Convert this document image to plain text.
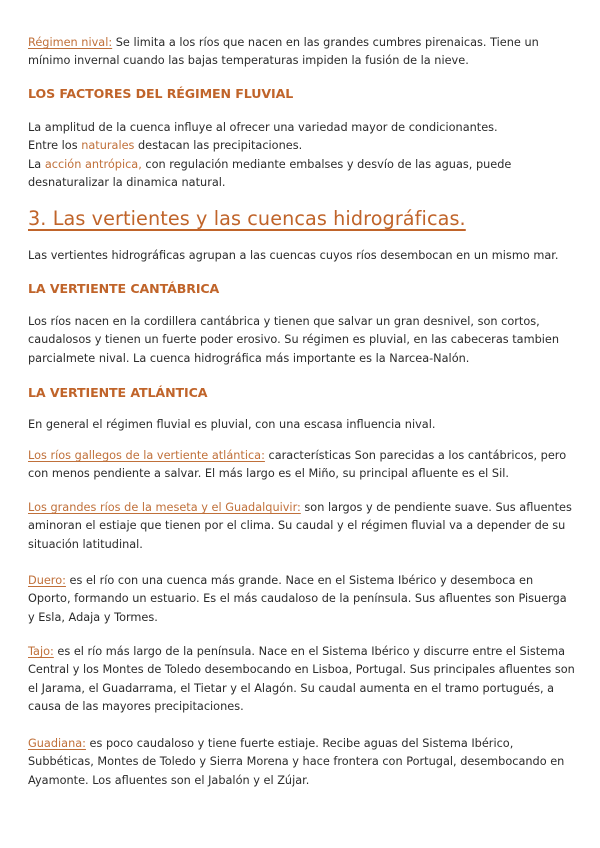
Régimen nival: Se limita a los ríos que nacen en las grandes cumbres pirenaicas. Tiene un mínimo invernal cuando las bajas temperaturas impiden la fusión de la nieve.

LOS FACTORES DEL RÉGIMEN FLUVIAL

La amplitud de la cuenca influye al ofrecer una variedad mayor de condicionantes.

Entre los naturales destacan las precipitaciones.

La acción antrópica, con regulación mediante embalses y desvío de las aguas, puede desnaturalizar la dinamica natural.

3. Las vertientes y las cuencas hidrográficas.

Las vertientes hidrográficas agrupan a las cuencas cuyos ríos desembocan en un mismo mar.

LA VERTIENTE CANTÁBRICA

Los ríos nacen en la cordillera cantábrica y tienen que salvar un gran desnivel, son cortos, caudalosos y tienen un fuerte poder erosivo. Su régimen es pluvial, en las cabeceras tambien parcialmete nival. La cuenca hidrográfica más importante es la Narcea-Nalón.

LA VERTIENTE ATLÁNTICA

En general el régimen fluvial es pluvial, con una escasa influencia nival.

Los ríos gallegos de la vertiente atlántica: características Son parecidas a los cantábricos, pero con menos pendiente a salvar. El más largo es el Miño, su principal afluente es el Sil.

Los grandes ríos de la meseta y el Guadalquivir: son largos y de pendiente suave. Sus afluentes aminoran el estiaje que tienen por el clima. Su caudal y el régimen fluvial va a depender de su situación latitudinal.

Duero: es el río con una cuenca más grande. Nace en el Sistema Ibérico y desemboca en Oporto, formando un estuario. Es el más caudaloso de la península. Sus afluentes son Pisuerga y Esla, Adaja y Tormes.

Tajo: es el río más largo de la península. Nace en el Sistema Ibérico y discurre entre el Sistema Central y los Montes de Toledo desembocando en Lisboa, Portugal. Sus principales afluentes son el Jarama, el Guadarrama, el Tietar y el Alagón. Su caudal aumenta en el tramo portugués, a causa de las mayores precipitaciones.

Guadiana: es poco caudaloso y tiene fuerte estiaje. Recibe aguas del Sistema Ibérico, Subbéticas, Montes de Toledo y Sierra Morena y hace frontera con Portugal, desembocando en Ayamonte. Los afluentes son el Jabalón y el Zújar.
